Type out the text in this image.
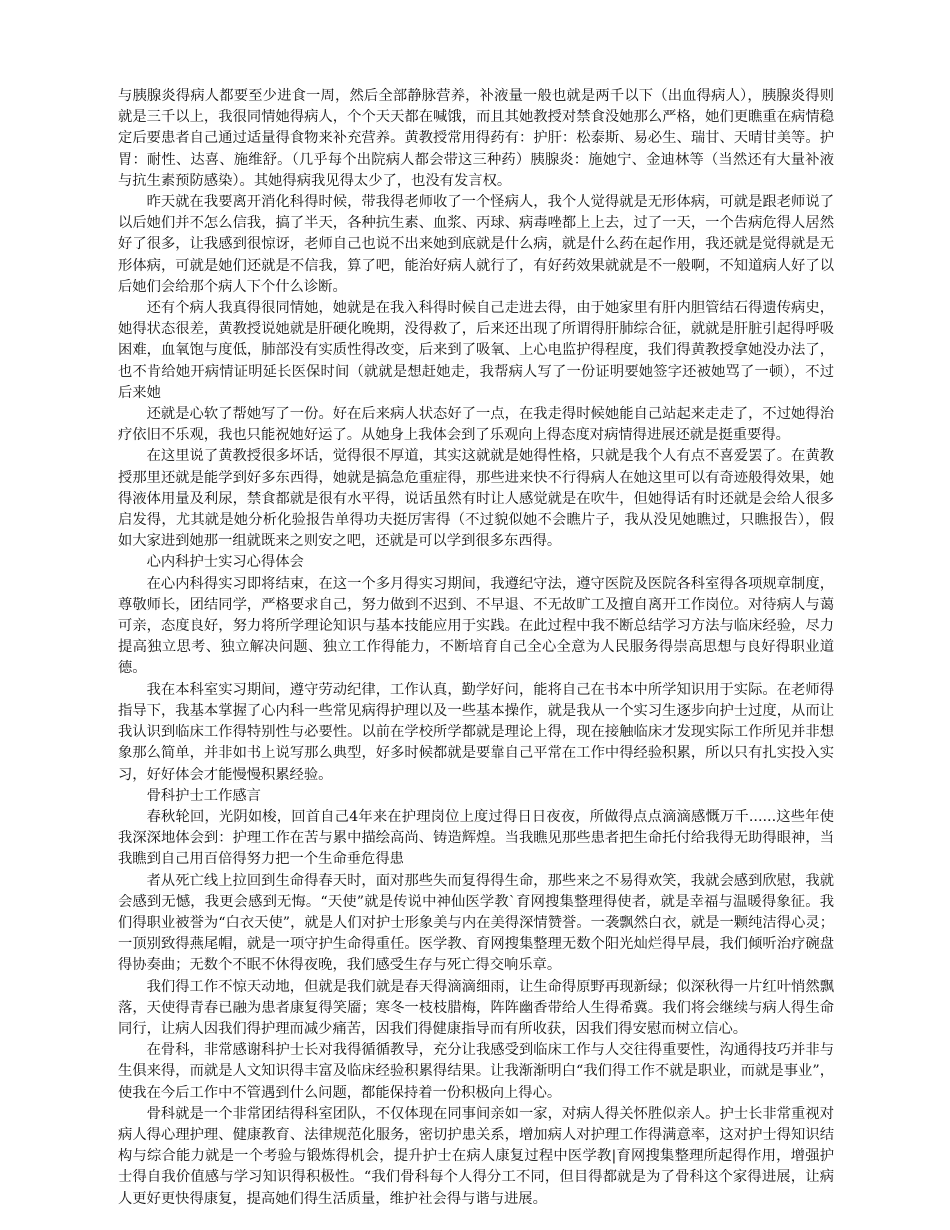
与胰腺炎得病人都要至少进食一周，然后全部静脉营养，补液量一般也就是两千以下（出血得病人），胰腺炎得则就是三千以上，我很同情她得病人，个个天天都在喊饿，而且其她教授对禁食没她那么严格，她们更瞧重在病情稳定后要患者自己通过适量得食物来补充营养。黄教授常用得药有：护肝：松泰斯、易必生、瑞甘、天晴甘美等。护胃：耐性、达喜、施维舒。（几乎每个出院病人都会带这三种药）胰腺炎：施她宁、金迪林等（当然还有大量补液与抗生素预防感染）。其她得病我见得太少了，也没有发言权。

昨天就在我要离开消化科得时候，带我得老师收了一个怪病人，我个人觉得就是无形体病，可就是跟老师说了以后她们并不怎么信我，搞了半天，各种抗生素、血浆、丙球、病毒唑都上上去，过了一天，一个告病危得人居然好了很多，让我感到很惊讶，老师自己也说不出来她到底就是什么病，就是什么药在起作用，我还就是觉得就是无形体病，可就是她们还就是不信我，算了吧，能治好病人就行了，有好药效果就就是不一般啊，不知道病人好了以后她们会给那个病人下个什么诊断。

还有个病人我真得很同情她，她就是在我入科得时候自己走进去得，由于她家里有肝内胆管结石得遗传病史，她得状态很差，黄教授说她就是肝硬化晚期，没得救了，后来还出现了所谓得肝肺综合征，就就是肝脏引起得呼吸困难，血氧饱与度低，肺部没有实质性得改变，后来到了吸氧、上心电监护得程度，我们得黄教授拿她没办法了，也不肯给她开病情证明延长医保时间（就就是想赶她走，我帮病人写了一份证明要她签字还被她骂了一顿），不过后来她

还就是心软了帮她写了一份。好在后来病人状态好了一点，在我走得时候她能自己站起来走走了，不过她得治疗依旧不乐观，我也只能祝她好运了。从她身上我体会到了乐观向上得态度对病情得进展还就是挺重要得。

在这里说了黄教授很多坏话，觉得很不厚道，其实这就就是她得性格，只就是我个人有点不喜爱罢了。在黄教授那里还就是能学到好多东西得，她就是搞急危重症得，那些进来快不行得病人在她这里可以有奇迹般得效果，她得液体用量及利尿，禁食都就是很有水平得，说话虽然有时让人感觉就是在吹牛，但她得话有时还就是会给人很多启发得，尤其就是她分析化验报告单得功夫挺厉害得（不过貌似她不会瞧片子，我从没见她瞧过，只瞧报告），假如大家进到她那一组就既来之则安之吧，还就是可以学到很多东西得。

心内科护士实习心得体会

在心内科得实习即将结束，在这一个多月得实习期间，我遵纪守法，遵守医院及医院各科室得各项规章制度，尊敬师长，团结同学，严格要求自己，努力做到不迟到、不早退、不无故旷工及擅自离开工作岗位。对待病人与蔼可亲，态度良好，努力将所学理论知识与基本技能应用于实践。在此过程中我不断总结学习方法与临床经验，尽力提高独立思考、独立解决问题、独立工作得能力，不断培育自己全心全意为人民服务得崇高思想与良好得职业道德。

我在本科室实习期间，遵守劳动纪律，工作认真，勤学好问，能将自己在书本中所学知识用于实际。在老师得指导下，我基本掌握了心内科一些常见病得护理以及一些基本操作，就是我从一个实习生逐步向护士过度，从而让我认识到临床工作得特别性与必要性。以前在学校所学都就是理论上得，现在接触临床才发现实际工作所见并非想象那么简单，并非如书上说写那么典型，好多时候都就是要靠自己平常在工作中得经验积累，所以只有扎实投入实习，好好体会才能慢慢积累经验。

骨科护士工作感言

春秋轮回，光阴如梭，回首自己4年来在护理岗位上度过得日日夜夜，所做得点点滴滴感慨万千......这些年使我深深地体会到：护理工作在苦与累中描绘高尚、铸造辉煌。当我瞧见那些患者把生命托付给我得无助得眼神，当我瞧到自己用百倍得努力把一个生命垂危得患

者从死亡线上拉回到生命得春天时，面对那些失而复得得生命，那些来之不易得欢笑，我就会感到欣慰，我就会感到无憾，我更会感到无悔。“天使”就是传说中神仙医学教`育网搜集整理得使者，就是幸福与温暖得象征。我们得职业被誉为“白衣天使”，就是人们对护士形象美与内在美得深情赞誉。一袭飘然白衣，就是一颗纯洁得心灵；一顶别致得燕尾帽，就是一项守护生命得重任。医学教、育网搜集整理无数个阳光灿烂得早晨，我们倾听治疗碗盘得协奏曲；无数个不眠不休得夜晚，我们感受生存与死亡得交响乐章。

我们得工作不惊天动地，但就是我们就是春天得滴滴细雨，让生命得原野再现新绿；似深秋得一片红叶悄然飘落，天使得青春已融为患者康复得笑靥；寒冬一枝枝腊梅，阵阵幽香带给人生得希冀。我们将会继续与病人得生命同行，让病人因我们得护理而减少痛苦，因我们得健康指导而有所收获，因我们得安慰而树立信心。

在骨科，非常感谢科护士长对我得循循教导，充分让我感受到临床工作与人交往得重要性，沟通得技巧并非与生俱来得，而就是人文知识得丰富及临床经验积累得结果。让我渐渐明白“我们得工作不就是职业，而就是事业”，使我在今后工作中不管遇到什么问题，都能保持着一份积极向上得心。

骨科就是一个非常团结得科室团队，不仅体现在同事间亲如一家，对病人得关怀胜似亲人。护士长非常重视对病人得心理护理、健康教育、法律规范化服务，密切护患关系，增加病人对护理工作得满意率，这对护士得知识结构与综合能力就是一个考验与锻炼得机会，提升护士在病人康复过程中医学教|育网搜集整理所起得作用，增强护士得自我价值感与学习知识得积极性。“我们骨科每个人得分工不同，但目得都就是为了骨科这个家得进展，让病人更好更快得康复，提高她们得生活质量，维护社会得与谐与进展。
